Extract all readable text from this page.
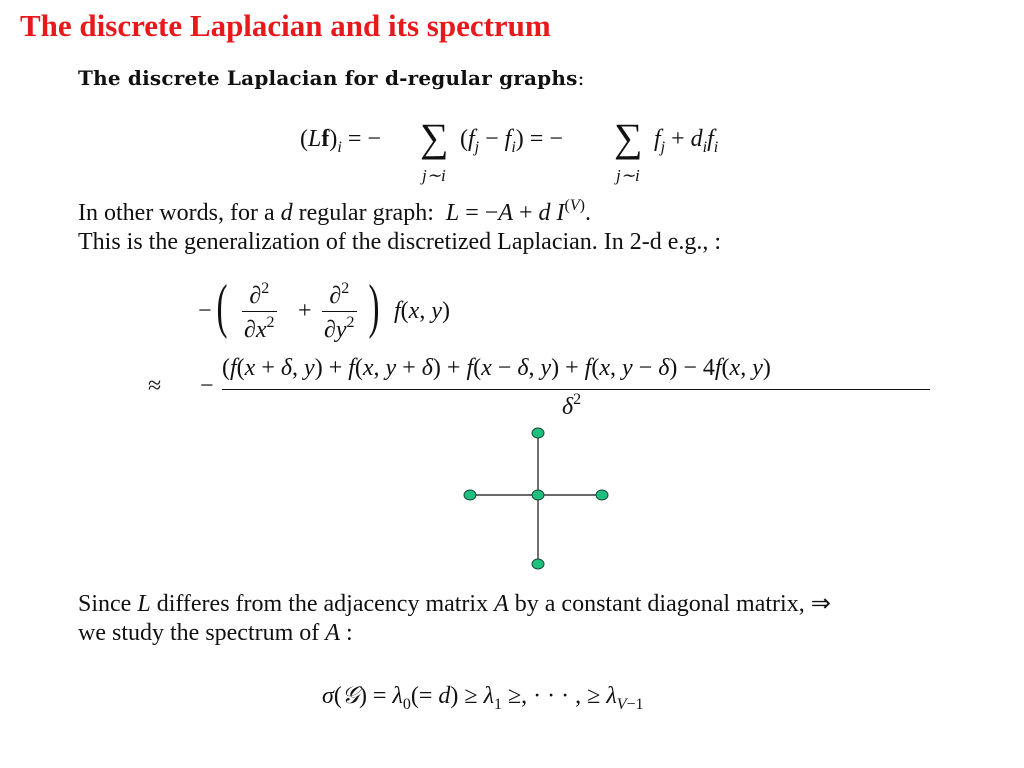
The discrete Laplacian and its spectrum
The discrete Laplacian for d-regular graphs:
$(Lf)_i$ = − ∑
j∼i
$(f_j - f_i)$ = − ∑
j∼i
$f_j + d_if_i$
In other words, for a d regular graph: L = −A + d $I^{(V)}$.
This is the generalization of the discretized Laplacian. In 2-d e.g., :
− ( $\frac{\partial^2}{\partial x^2} + \frac{\partial^2}{\partial y^2}$ ) f(x, y)
≈ −
(f(x + δ, y) + f(x, y + δ) + f(x − δ, y) + f(x, y − δ) − 4f(x, y)
$\delta^2$
Since L differes from the adjacency matrix A by a constant diagonal matrix, ⇒
we study the spectrum of A :
σ(𝒢) = $\lambda_0(= d) \ge \lambda_1$ ≥, · · · , ≥ $\lambda_{V-1}$
